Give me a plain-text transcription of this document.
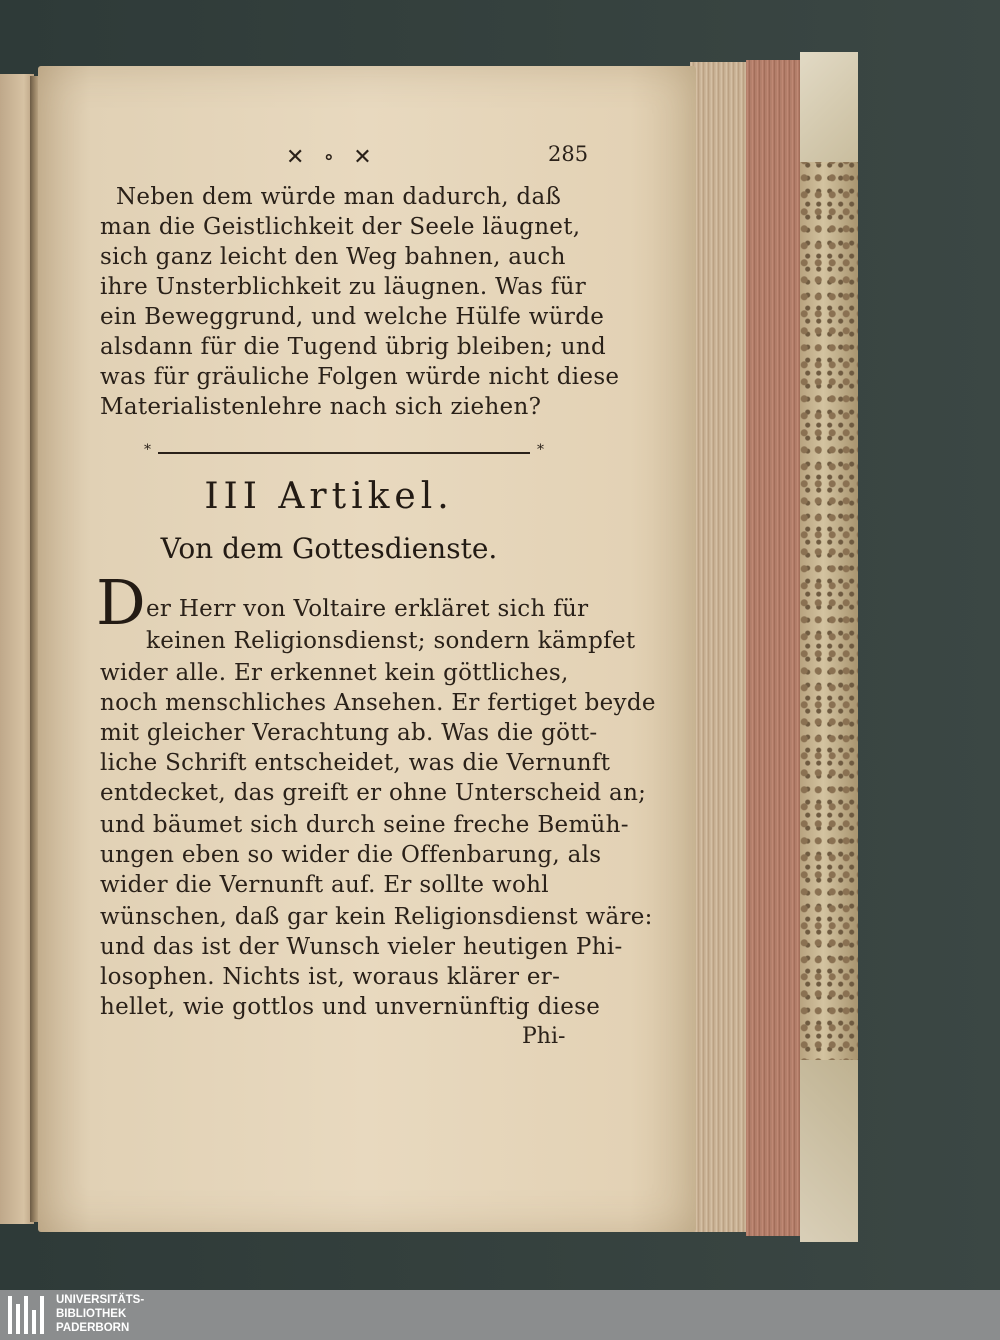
✕ ∘ ✕	285
Neben dem würde man dadurch, daß
man die Geistlichkeit der Seele läugnet,
sich ganz leicht den Weg bahnen, auch
ihre Unsterblichkeit zu läugnen. Was für
ein Beweggrund, und welche Hülfe würde
alsdann für die Tugend übrig bleiben; und
was für gräuliche Folgen würde nicht diese
Materialistenlehre nach sich ziehen?
*	*
III Artikel.
Von dem Gottesdienste.
D er Herr von Voltaire erkläret sich für
keinen Religionsdienst; sondern kämpfet
wider alle. Er erkennet kein göttliches,
noch menschliches Ansehen. Er fertiget beyde
mit gleicher Verachtung ab. Was die gött-
liche Schrift entscheidet, was die Vernunft
entdecket, das greift er ohne Unterscheid an;
und bäumet sich durch seine freche Bemüh-
ungen eben so wider die Offenbarung, als
wider die Vernunft auf. Er sollte wohl
wünschen, daß gar kein Religionsdienst wäre:
und das ist der Wunsch vieler heutigen Phi-
losophen. Nichts ist, woraus klärer er-
hellet, wie gottlos und unvernünftig diese
Phi-
UNIVERSITÄTS-
BIBLIOTHEK
PADERBORN
